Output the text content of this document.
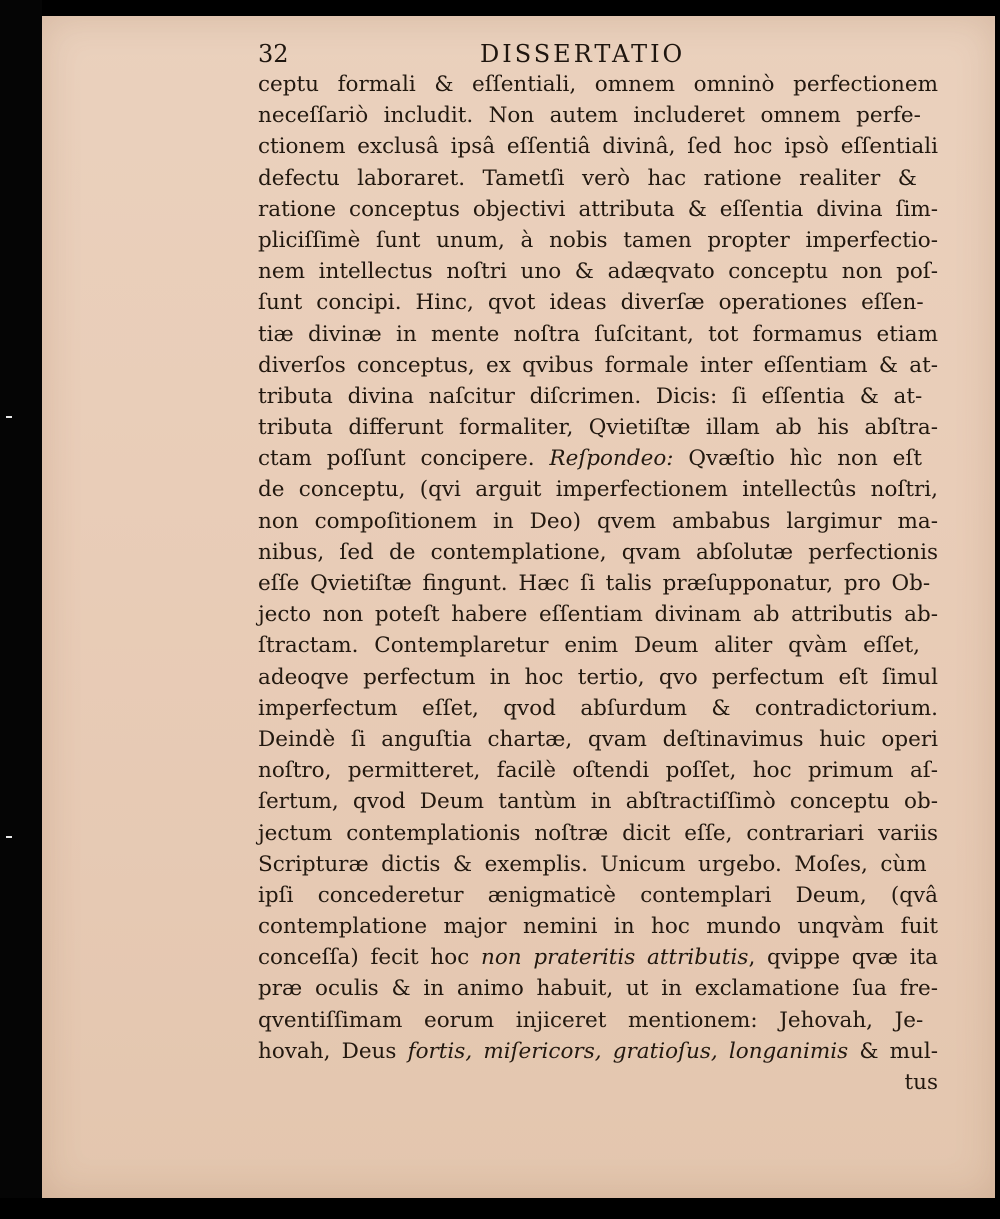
32	DISSERTATIO
ceptu formali & eſſentiali, omnem omninò perfectionem
neceſſariò includit. Non autem includeret omnem perfe-
ctionem exclusâ ipsâ eſſentiâ divinâ, ſed hoc ipsò eſſentiali
defectu laboraret. Tametſi verò hac ratione realiter &
ratione conceptus objectivi attributa & eſſentia divina ſim-
pliciſſimè ſunt unum, à nobis tamen propter imperfectio-
nem intellectus noſtri uno & adæqvato conceptu non poſ-
ſunt concipi. Hinc, qvot ideas diverſæ operationes eſſen-
tiæ divinæ in mente noſtra ſuſcitant, tot formamus etiam
diverſos conceptus, ex qvibus formale inter eſſentiam & at-
tributa divina naſcitur diſcrimen. Dicis: ſi eſſentia & at-
tributa differunt formaliter, Qvietiſtæ illam ab his abſtra-
ctam poſſunt concipere. Reſpondeo: Qvæſtio hìc non eſt
de conceptu, (qvi arguit imperfectionem intellectûs noſtri,
non compoſitionem in Deo) qvem ambabus largimur ma-
nibus, ſed de contemplatione, qvam abſolutæ perfectionis
eſſe Qvietiſtæ fingunt. Hæc ſi talis præſupponatur, pro Ob-
jecto non poteſt habere eſſentiam divinam ab attributis ab-
ſtractam. Contemplaretur enim Deum aliter qvàm eſſet,
adeoqve perfectum in hoc tertio, qvo perfectum eſt ſimul
imperfectum eſſet, qvod abſurdum & contradictorium.
Deindè ſi anguſtia chartæ, qvam deſtinavimus huic operi
noſtro, permitteret, facilè oſtendi poſſet, hoc primum aſ-
ſertum, qvod Deum tantùm in abſtractiſſimò conceptu ob-
jectum contemplationis noſtræ dicit eſſe, contrariari variis
Scripturæ dictis & exemplis. Unicum urgebo. Moſes, cùm
ipſi concederetur ænigmaticè contemplari Deum, (qvâ
contemplatione major nemini in hoc mundo unqvàm fuit
conceſſa) fecit hoc non prateritis attributis, qvippe qvæ ita
præ oculis & in animo habuit, ut in exclamatione ſua fre-
qventiſſimam eorum injiceret mentionem: Jehovah, Je-
hovah, Deus fortis, miſericors, gratioſus, longanimis & mul-
tus
